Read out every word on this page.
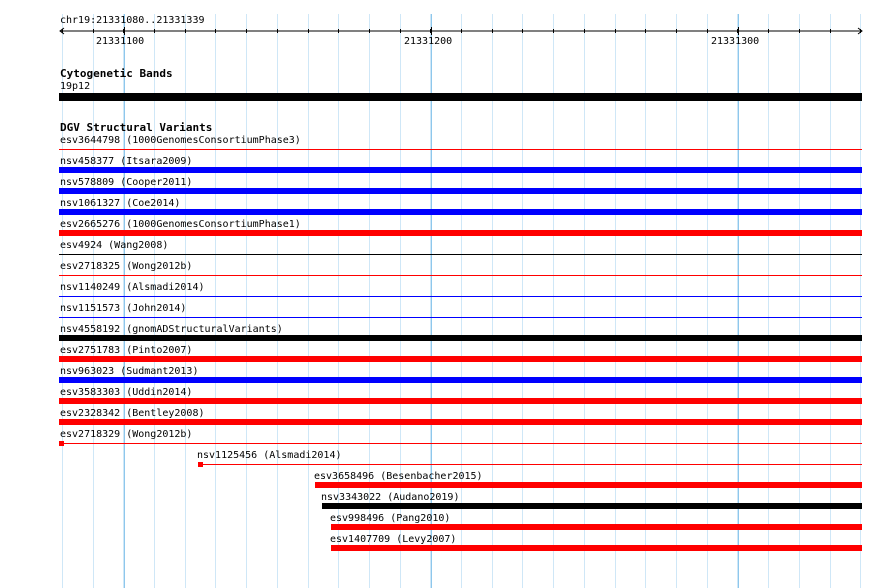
chr19:21331080..21331339
21331100	21331200	21331300
Cytogenetic Bands
19p12
DGV Structural Variants
esv3644798 (1000GenomesConsortiumPhase3)
nsv458377 (Itsara2009)
nsv578809 (Cooper2011)
nsv1061327 (Coe2014)
esv2665276 (1000GenomesConsortiumPhase1)
esv4924 (Wang2008)
esv2718325 (Wong2012b)
nsv1140249 (Alsmadi2014)
nsv1151573 (John2014)
nsv4558192 (gnomADStructuralVariants)
esv2751783 (Pinto2007)
nsv963023 (Sudmant2013)
esv3583303 (Uddin2014)
esv2328342 (Bentley2008)
esv2718329 (Wong2012b)
nsv1125456 (Alsmadi2014)
esv3658496 (Besenbacher2015)
nsv3343022 (Audano2019)
esv998496 (Pang2010)
esv1407709 (Levy2007)
